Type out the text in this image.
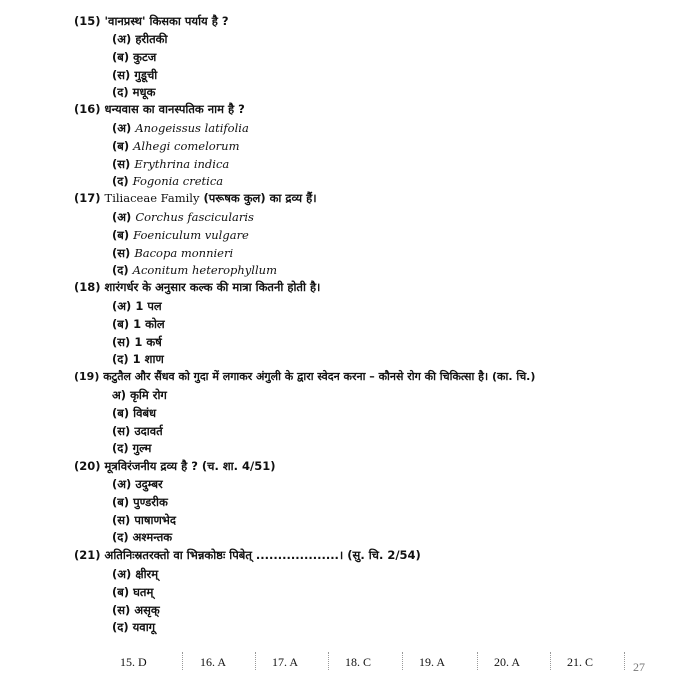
(15) 'वानप्रस्थ' किसका पर्याय है ?
(अ) हरीतकी
(ब) कुटज
(स) गुडूची
(द) मधूक
(16) धन्यवास का वानस्पतिक नाम है ?
(अ) Anogeissus latifolia
(ब) Alhegi comelorum
(स) Erythrina indica
(द) Fogonia cretica
(17) Tiliaceae Family (परूषक कुल) का द्रव्य हैं।
(अ) Corchus fascicularis
(ब) Foeniculum vulgare
(स) Bacopa monnieri
(द) Aconitum heterophyllum
(18) शारंगर्धर के अनुसार कल्क की मात्रा कितनी होती है।
(अ) 1 पल
(ब) 1 कोल
(स) 1 कर्ष
(द) 1 शाण
(19) कटुतैल और सैंधव को गुदा में लगाकर अंगुली के द्वारा स्वेदन करना – कौनसे रोग की चिकित्सा है। (का. चि.)
अ) कृमि रोग
(ब) विबंध
(स) उदावर्त
(द) गुल्म
(20) मूत्रविरंजनीय द्रव्य है ? (च. शा. 4/51)
(अ) उदुम्बर
(ब) पुण्डरीक
(स) पाषाणभेद
(द) अश्मन्तक
(21) अतिनिःस्रतरक्तो वा भिन्नकोष्ठः पिबेत् ...................। (सु. चि. 2/54)
(अ) क्षीरम्
(ब) घतम्
(स) असृक्
(द) यवागू
15. D	16. A	17. A	18. C	19. A	20. A	21. C	27
